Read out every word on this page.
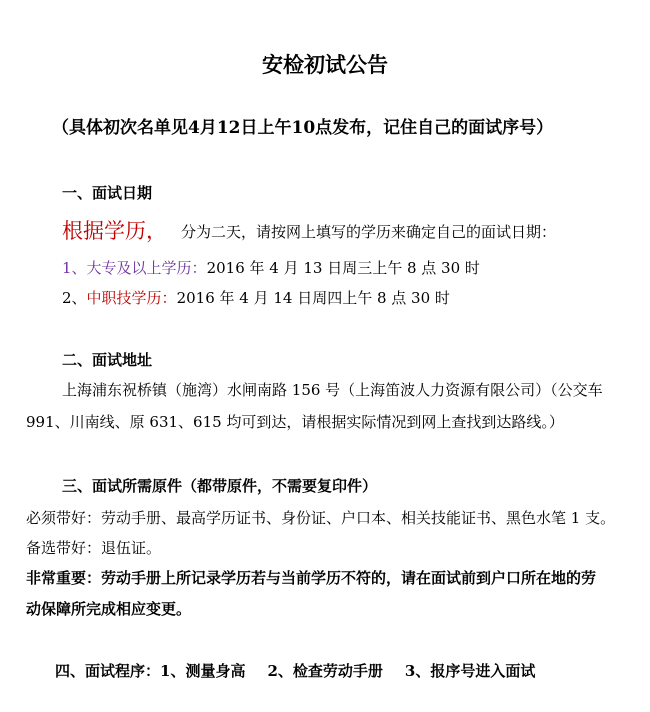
安检初试公告
（具体初次名单见4月12日上午10点发布，记住自己的面试序号）
一、面试日期
根据学历， 分为二天，请按网上填写的学历来确定自己的面试日期：
1、大专及以上学历：2016 年 4 月 13 日周三上午 8 点 30 时
2、中职技学历：2016 年 4 月 14 日周四上午 8 点 30 时
二、面试地址
上海浦东祝桥镇（施湾）水闸南路 156 号（上海笛波人力资源有限公司）（公交车
991、川南线、原 631、615 均可到达，请根据实际情况到网上查找到达路线。）
三、面试所需原件（都带原件，不需要复印件）
必须带好：劳动手册、最高学历证书、身份证、户口本、相关技能证书、黑色水笔 1 支。
备选带好：退伍证。
非常重要：劳动手册上所记录学历若与当前学历不符的，请在面试前到户口所在地的劳
动保障所完成相应变更。
四、面试程序：1、测量身高 2、检查劳动手册 3、报序号进入面试
